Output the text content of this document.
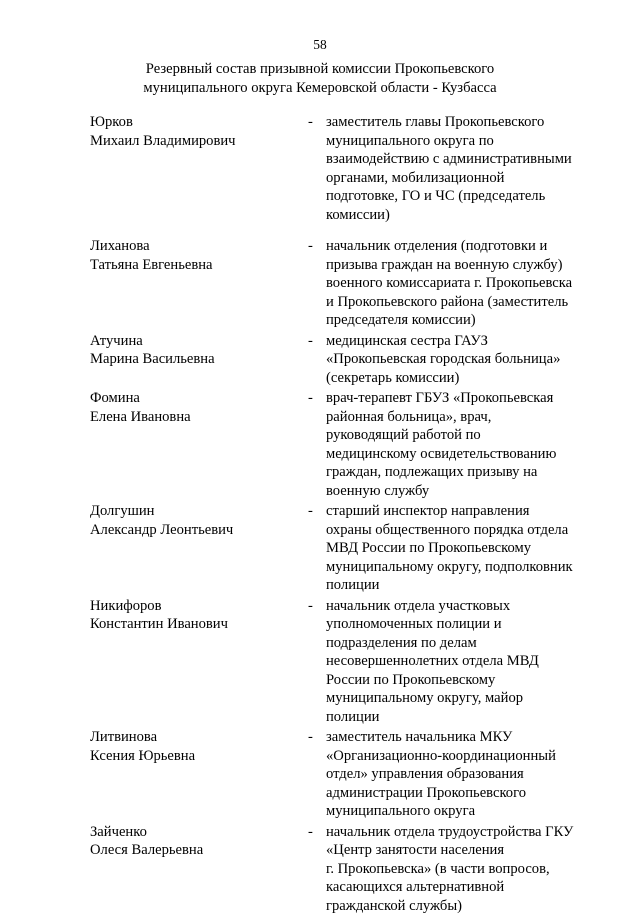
58
Резервный состав призывной комиссии Прокопьевского
муниципального округа Кемеровской области - Кузбасса
Юрков
Михаил Владимирович
- заместитель главы Прокопьевского
муниципального округа по
взаимодействию с административными
органами, мобилизационной
подготовке, ГО и ЧС (председатель
комиссии)
Лиханова
Татьяна Евгеньевна
- начальник отделения (подготовки и
призыва граждан на военную службу)
военного комиссариата г. Прокопьевска
и Прокопьевского района (заместитель
председателя комиссии)
Атучина
Марина Васильевна
- медицинская сестра ГАУЗ
«Прокопьевская городская больница»
(секретарь комиссии)
Фомина
Елена Ивановна
- врач-терапевт ГБУЗ «Прокопьевская
районная больница», врач,
руководящий работой по
медицинскому освидетельствованию
граждан, подлежащих призыву на
военную службу
Долгушин
Александр Леонтьевич
- старший инспектор направления
охраны общественного порядка отдела
МВД России по Прокопьевскому
муниципальному округу, подполковник
полиции
Никифоров
Константин Иванович
- начальник отдела участковых
уполномоченных полиции и
подразделения по делам
несовершеннолетних отдела МВД
России по Прокопьевскому
муниципальному округу, майор
полиции
Литвинова
Ксения Юрьевна
- заместитель начальника МКУ
«Организационно-координационный
отдел» управления образования
администрации Прокопьевского
муниципального округа
Зайченко
Олеся Валерьевна
- начальник отдела трудоустройства ГКУ
«Центр занятости населения
г. Прокопьевска» (в части вопросов,
касающихся альтернативной
гражданской службы)
